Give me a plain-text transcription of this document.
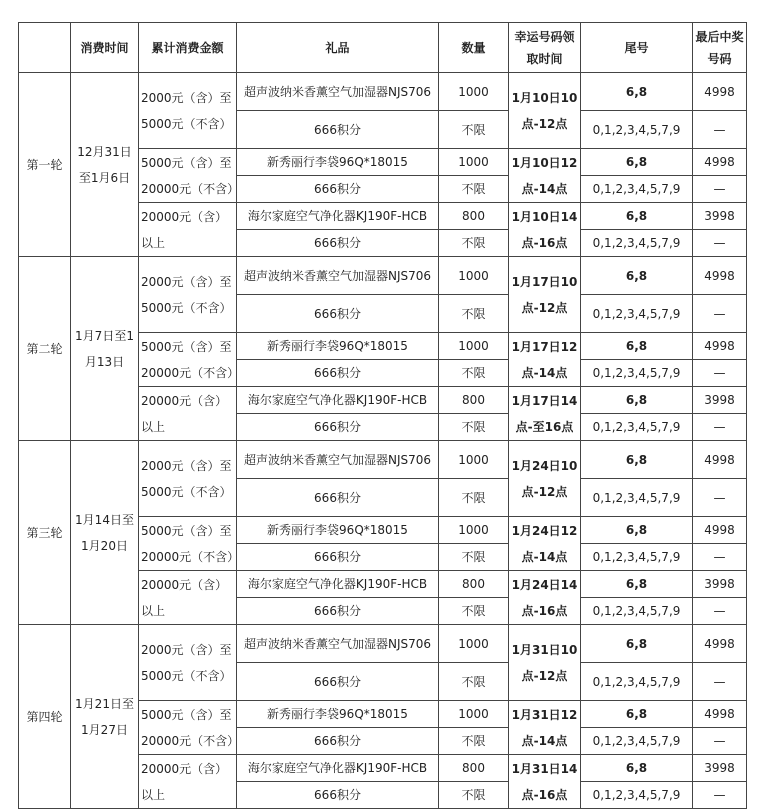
	消费时间	累计消费金额	礼品	数量	幸运号码领取时间	尾号	最后中奖号码
第一轮	12月31日至1月6日	2000元（含）至5000元（不含）	超声波纳米香薰空气加湿器NJS706	1000	1月10日10点-12点	6,8	4998
			666积分	不限		0,1,2,3,4,5,7,9	—
		5000元（含）至20000元（不含）	新秀丽行李袋96Q*18015	1000	1月10日12点-14点	6,8	4998
			666积分	不限		0,1,2,3,4,5,7,9	—
		20000元（含）以上	海尔家庭空气净化器KJ190F-HCB	800	1月10日14点-16点	6,8	3998
			666积分	不限		0,1,2,3,4,5,7,9	—
第二轮	1月7日至1月13日	2000元（含）至5000元（不含）	超声波纳米香薰空气加湿器NJS706	1000	1月17日10点-12点	6,8	4998
			666积分	不限		0,1,2,3,4,5,7,9	—
		5000元（含）至20000元（不含）	新秀丽行李袋96Q*18015	1000	1月17日12点-14点	6,8	4998
			666积分	不限		0,1,2,3,4,5,7,9	—
		20000元（含）以上	海尔家庭空气净化器KJ190F-HCB	800	1月17日14点-至16点	6,8	3998
			666积分	不限		0,1,2,3,4,5,7,9	—
第三轮	1月14日至1月20日	2000元（含）至5000元（不含）	超声波纳米香薰空气加湿器NJS706	1000	1月24日10点-12点	6,8	4998
			666积分	不限		0,1,2,3,4,5,7,9	—
		5000元（含）至20000元（不含）	新秀丽行李袋96Q*18015	1000	1月24日12点-14点	6,8	4998
			666积分	不限		0,1,2,3,4,5,7,9	—
		20000元（含）以上	海尔家庭空气净化器KJ190F-HCB	800	1月24日14点-16点	6,8	3998
			666积分	不限		0,1,2,3,4,5,7,9	—
第四轮	1月21日至1月27日	2000元（含）至5000元（不含）	超声波纳米香薰空气加湿器NJS706	1000	1月31日10点-12点	6,8	4998
			666积分	不限		0,1,2,3,4,5,7,9	—
		5000元（含）至20000元（不含）	新秀丽行李袋96Q*18015	1000	1月31日12点-14点	6,8	4998
			666积分	不限		0,1,2,3,4,5,7,9	—
		20000元（含）以上	海尔家庭空气净化器KJ190F-HCB	800	1月31日14点-16点	6,8	3998
			666积分	不限		0,1,2,3,4,5,7,9	—
